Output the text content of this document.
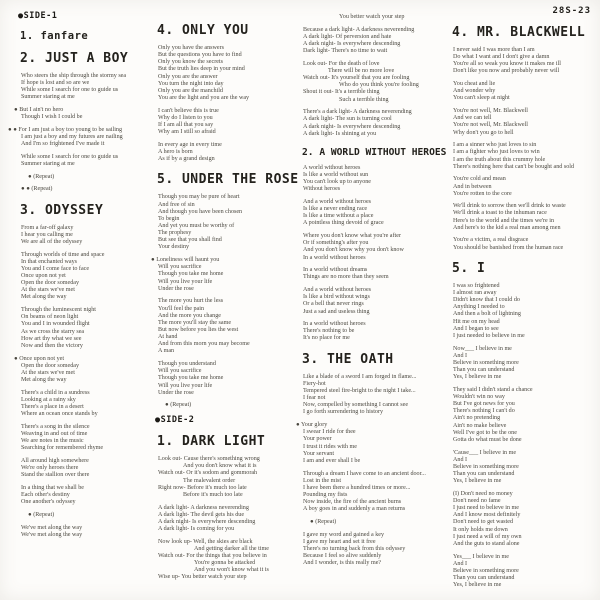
28S-23
●SIDE-1
1. fanfare
2. JUST A BOY
Who steers the ship through the stormy sea
If hope is lost and so are we
While some I search for one to guide us
Summer staring at me
● But I ain't no hero
Though I wish I could be
● ● For I am just a boy too young to be sailing
I am just a boy and my futures are nailing
And I'm so frightened I've made it
While some I search for one to guide us
Summer staring at me
● (Repeat)
● ● (Repeat)
3. ODYSSEY
From a far-off galaxy
I hear you calling me
We are all of the odyssey
Through worlds of time and space
In that enchanted ways
You and I come face to face
Once upon not yet
Open the door someday
At the stars we've met
Met along the way
Through the luminescent night
On beams of neon light
You and I in wounded flight
As we cross the starry sea
How art thy what we see
Now and then the victory
● Once upon not yet
Open the door someday
At the stars we've met
Met along the way
There's a child in a sundress
Looking at a rainy sky
There's a place in a desert
Where an ocean once stands by
There's a song in the silence
Weaving in and out of time
We are notes in the music
Searching for remembered rhyme
All around high somewhere
We're only heroes there
Stand the stallion over there
In a thing that we shall be
Each other's destiny
One another's odyssey
● (Repeat)
We've met along the way
We've met along the way
4. ONLY YOU
Only you have the answers
But the questions you have to find
Only you know the secrets
But the truth lies deep in your mind
Only you are the answer
You turn the night into day
Only you are the manchild
You are the light and you are the way
I can't believe this is true
Why do I listen to you
If I am all that you say
Why am I still so afraid
In every age in every time
A hero is born
As if by a grand design
5. UNDER THE ROSE
Though you may be pure of heart
And free of sin
And though you have been chosen
To begin
And yet you must be worthy of
The prophesy
But see that you shall find
Your destiny
● Loneliness will haunt you
Will you sacrifice
Though you take me home
Will you live your life
Under the rose
The more you hurt the less
You'll feel the pain
And the more you change
The more you'll stay the same
But now before you lies the west
At hand
And from this morn you may become
A man
Though you understand
Will you sacrifice
Though you take me home
Will you live your life
Under the rose
● (Repeat)
●SIDE-2
1. DARK LIGHT
Look out- Cause there's something wrong
And you don't know what it is
Watch out- Or it's sodom and gommorah
The malevalent order
Right now- Before it's much too late
Before it's much too late
A dark light- A darkness neverending
A dark light- The devil gets his due
A dark night- Is everywhere descending
A dark light- Is coming for you
Now look up- Well, the skies are black
And getting darker all the time
Watch out- For the things that you believe in
You're gonna be attacked
And you won't know what it is
Wise up- You better watch your step
You better watch your step
Because a dark light- A darkness neverending
A dark light- Of perversion and hate
A dark night- Is everywhere descending
Dark light- There's no time to wait
Look out- For the death of love
There will be no more love
Watch out- It's yourself that you are fooling
Who do you think you're fooling
Shout it out- It's a terrible thing
Such a terrible thing
There's a dark light- A darkness neverending
A dark light- The sun is turning cool
A dark night- Is everywhere descending
A dark light- Is shining at you
2. A WORLD WITHOUT HEROES
A world without heroes
Is like a world without sun
You can't look up to anyone
Without heroes
And a world without heroes
Is like a never ending race
Is like a time without a place
A pointless thing devoid of grace
Where you don't know what you're after
Or if something's after you
And you don't know why you don't know
In a world without heroes
In a world without dreams
Things are no more than they seem
And a world without heroes
Is like a bird without wings
Or a bell that never rings
Just a sad and useless thing
In a world without heroes
There's nothing to be
It's no place for me
3. THE OATH
Like a blade of a sword I am forged in flame...
Fiery-hot
Tempered steel fire-bright to the night I take...
I fear not
Now, compelled by something I cannot see
I go forth surrendering to history
● Your glory
I swear I ride for thee
Your power
I trust it rides with me
Your servant
I am and ever shall I be
Through a dream I have come to an ancient door...
Lost in the mist
I have been there a hundred times or more...
Pounding my fists
Now inside, the fire of the ancient burns
A boy goes in and suddenly a man returns
● (Repeat)
I gave my word and gained a key
I gave my heart and set it free
There's no turning back from this odyssey
Because I feel so alive suddenly
And I wonder, is this really me?
4. MR. BLACKWELL
I never said I was more than I am
Do what I want and I don't give a damn
You're all so weak you know it makes me ill
Don't like you now and probably never will
You cheat and lie
And wonder why
You can't sleep at night
You're not well, Mr. Blackwell
And we can tell
You're not well, Mr. Blackwell
Why don't you go to hell
I am a sinner who just loves to sin
I am a fighter who just loves to win
I am the truth about this crummy hole
There's nothing here that can't be bought and sold
You're cold and mean
And in between
You're rotten to the core
We'll drink to sorrow then we'll drink to waste
We'll drink a toast to the inhuman race
Here's to the world and the times we're in
And here's to the kid a real man among men
You're a victim, a real disgrace
You should be banished from the human race
5. I
I was so frightened
I almost ran away
Didn't know that I could do
Anything I needed to
And then a bolt of lightning
Hit me on my head
And I began to see
I just needed to believe in me
Now___ I believe in me
And I
Believe in something more
Than you can understand
Yes, I believe in me
They said I didn't stand a chance
Wouldn't win no way
But I've got news for you
There's nothing I can't do
Ain't no pretending
Ain't no make believe
Well I've got to be the one
Gotta do what must be done
'Cause___ I believe in me
And I
Believe in something more
Than you can understand
Yes, I believe in me
(I) Don't need no money
Don't need no fame
I just need to believe in me
And I know most definitely
Don't need to get wasted
It only holds me down
I just need a will of my own
And the guts to stand alone
Yes___ I believe in me
And I
Believe in something more
Than you can understand
Yes, I believe in me
